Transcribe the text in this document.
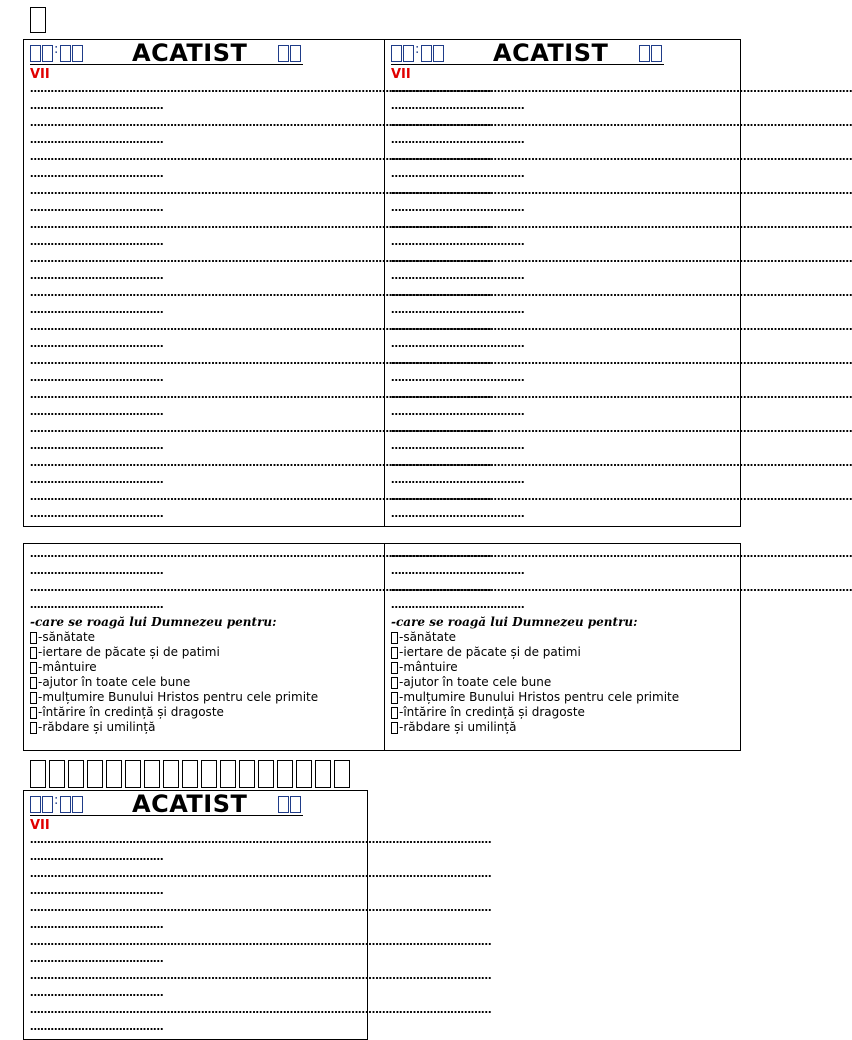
:	ACATIST
VII
………………………………………………………………………………………………………………………
…………………………………
………………………………………………………………………………………………………………………
…………………………………
………………………………………………………………………………………………………………………
…………………………………
………………………………………………………………………………………………………………………
…………………………………
………………………………………………………………………………………………………………………
…………………………………
………………………………………………………………………………………………………………………
…………………………………
………………………………………………………………………………………………………………………
…………………………………
………………………………………………………………………………………………………………………
…………………………………
………………………………………………………………………………………………………………………
…………………………………
………………………………………………………………………………………………………………………
…………………………………
………………………………………………………………………………………………………………………
…………………………………
………………………………………………………………………………………………………………………
…………………………………
………………………………………………………………………………………………………………………
…………………………………
:	ACATIST
VII
………………………………………………………………………………………………………………………
…………………………………
………………………………………………………………………………………………………………………
…………………………………
………………………………………………………………………………………………………………………
…………………………………
………………………………………………………………………………………………………………………
…………………………………
………………………………………………………………………………………………………………………
…………………………………
………………………………………………………………………………………………………………………
…………………………………
………………………………………………………………………………………………………………………
…………………………………
………………………………………………………………………………………………………………………
…………………………………
………………………………………………………………………………………………………………………
…………………………………
………………………………………………………………………………………………………………………
…………………………………
………………………………………………………………………………………………………………………
…………………………………
………………………………………………………………………………………………………………………
…………………………………
………………………………………………………………………………………………………………………
…………………………………
………………………………………………………………………………………………………………………
…………………………………
………………………………………………………………………………………………………………………
…………………………………
-care se roagă lui Dumnezeu pentru:
-sănătate
-iertare de păcate și de patimi
-mântuire
-ajutor în toate cele bune
-mulțumire Bunului Hristos pentru cele primite
-întărire în credință și dragoste
-răbdare și umilință
………………………………………………………………………………………………………………………
…………………………………
………………………………………………………………………………………………………………………
…………………………………
-care se roagă lui Dumnezeu pentru:
-sănătate
-iertare de păcate și de patimi
-mântuire
-ajutor în toate cele bune
-mulțumire Bunului Hristos pentru cele primite
-întărire în credință și dragoste
-răbdare și umilință
:	ACATIST
VII
………………………………………………………………………………………………………………………
…………………………………
………………………………………………………………………………………………………………………
…………………………………
………………………………………………………………………………………………………………………
…………………………………
………………………………………………………………………………………………………………………
…………………………………
………………………………………………………………………………………………………………………
…………………………………
………………………………………………………………………………………………………………………
…………………………………
